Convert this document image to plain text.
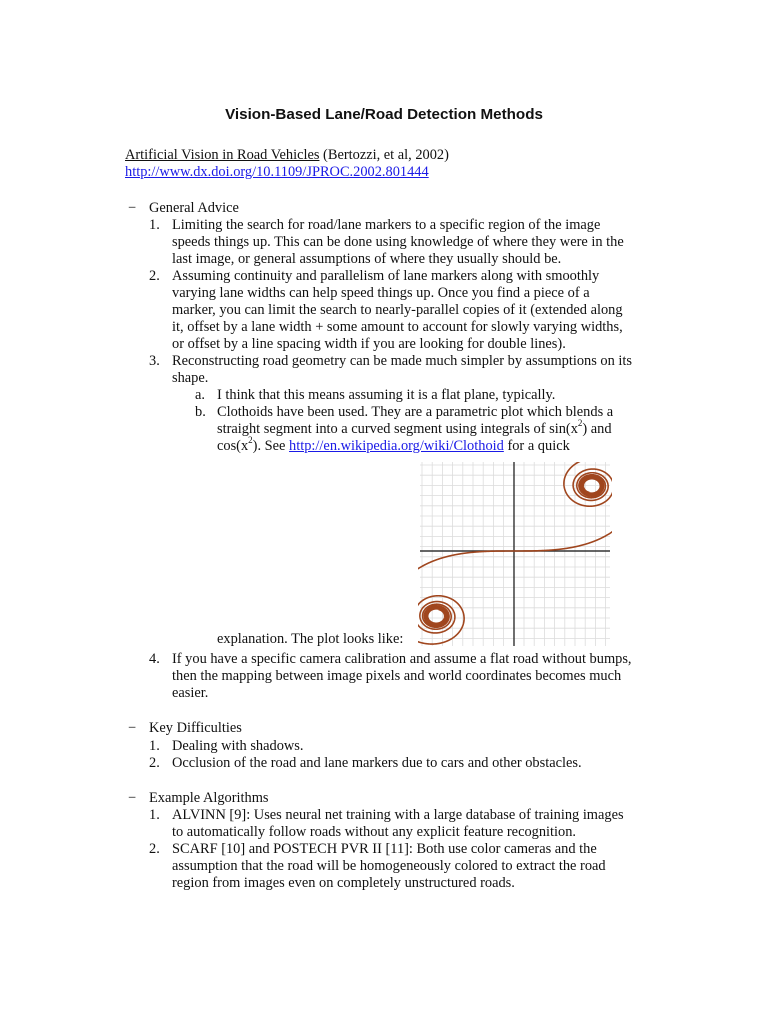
Vision-Based Lane/Road Detection Methods
Artificial Vision in Road Vehicles (Bertozzi, et al, 2002)
http://www.dx.doi.org/10.1109/JPROC.2002.801444
− General Advice
1. Limiting the search for road/lane markers to a specific region of the image
speeds things up. This can be done using knowledge of where they were in the
last image, or general assumptions of where they usually should be.
2. Assuming continuity and parallelism of lane markers along with smoothly
varying lane widths can help speed things up. Once you find a piece of a
marker, you can limit the search to nearly-parallel copies of it (extended along
it, offset by a lane width + some amount to account for slowly varying widths,
or offset by a line spacing width if you are looking for double lines).
3. Reconstructing road geometry can be made much simpler by assumptions on its
shape.
a. I think that this means assuming it is a flat plane, typically.
b. Clothoids have been used. They are a parametric plot which blends a
straight segment into a curved segment using integrals of $\sin(x^2)$ and
$\cos(x^2)$. See http://en.wikipedia.org/wiki/Clothoid for a quick
explanation. The plot looks like:
4. If you have a specific camera calibration and assume a flat road without bumps,
then the mapping between image pixels and world coordinates becomes much
easier.
− Key Difficulties
1. Dealing with shadows.
2. Occlusion of the road and lane markers due to cars and other obstacles.
− Example Algorithms
1. ALVINN [9]: Uses neural net training with a large database of training images
to automatically follow roads without any explicit feature recognition.
2. SCARF [10] and POSTECH PVR II [11]: Both use color cameras and the
assumption that the road will be homogeneously colored to extract the road
region from images even on completely unstructured roads.
